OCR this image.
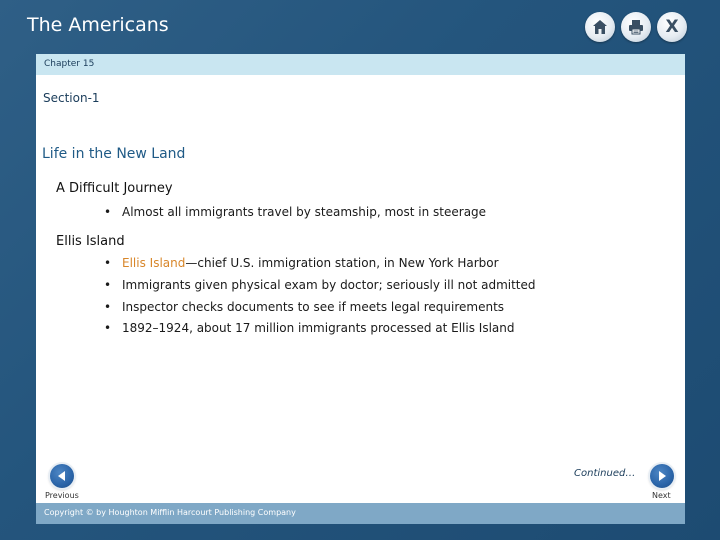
The Americans	X
Chapter 15
Section-1
Life in the New Land
A Difficult Journey
• Almost all immigrants travel by steamship, most in steerage
Ellis Island
• Ellis Island—chief U.S. immigration station, in New York Harbor
• Immigrants given physical exam by doctor; seriously ill not admitted
• Inspector checks documents to see if meets legal requirements
• 1892–1924, about 17 million immigrants processed at Ellis Island
Continued…
Previous	Next
Copyright © by Houghton Mifflin Harcourt Publishing Company
